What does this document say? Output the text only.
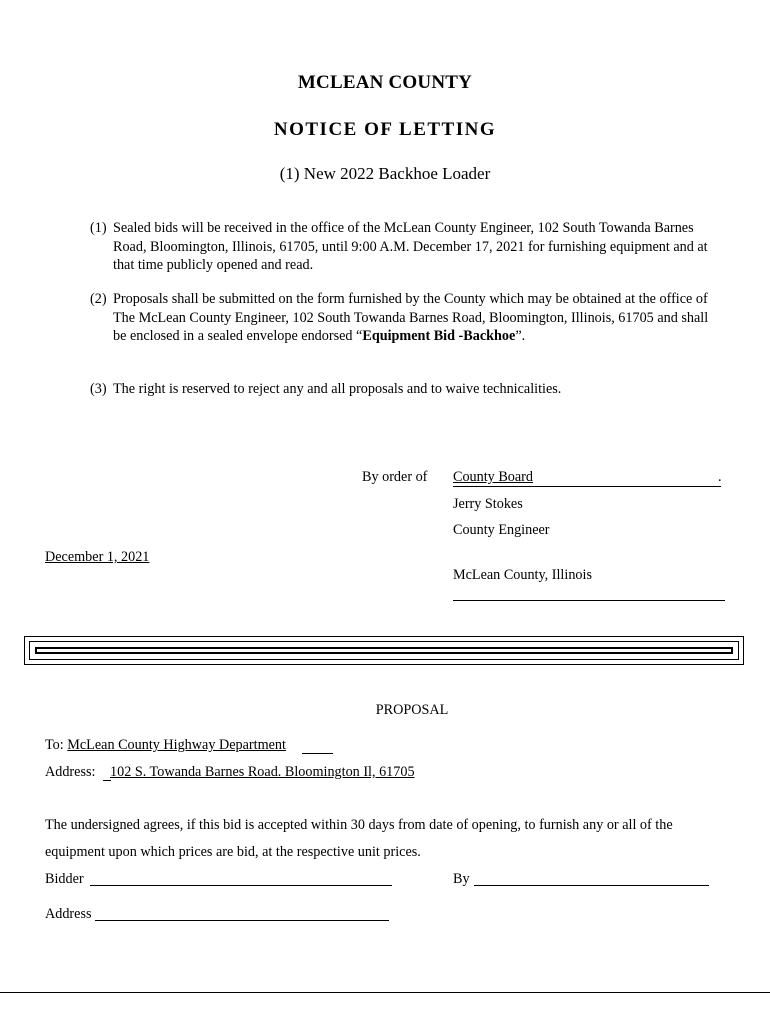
MCLEAN COUNTY
NOTICE OF LETTING
(1) New 2022 Backhoe Loader
(1) Sealed bids will be received in the office of the McLean County Engineer, 102 South Towanda Barnes Road, Bloomington, Illinois, 61705, until 9:00 A.M. December 17, 2021 for furnishing equipment and at that time publicly opened and read.
(2) Proposals shall be submitted on the form furnished by the County which may be obtained at the office of The McLean County Engineer, 102 South Towanda Barnes Road, Bloomington, Illinois, 61705 and shall be enclosed in a sealed envelope endorsed “Equipment Bid -Backhoe”.
(3) The right is reserved to reject any and all proposals and to waive technicalities.
By order of County Board	.
Jerry Stokes
County Engineer
December 1, 2021
McLean County, Illinois
PROPOSAL
To: McLean County Highway Department
Address:	102 S. Towanda Barnes Road. Bloomington Il, 61705
The undersigned agrees, if this bid is accepted within 30 days from date of opening, to furnish any or all of the
equipment upon which prices are bid, at the respective unit prices.
Bidder	By
Address
